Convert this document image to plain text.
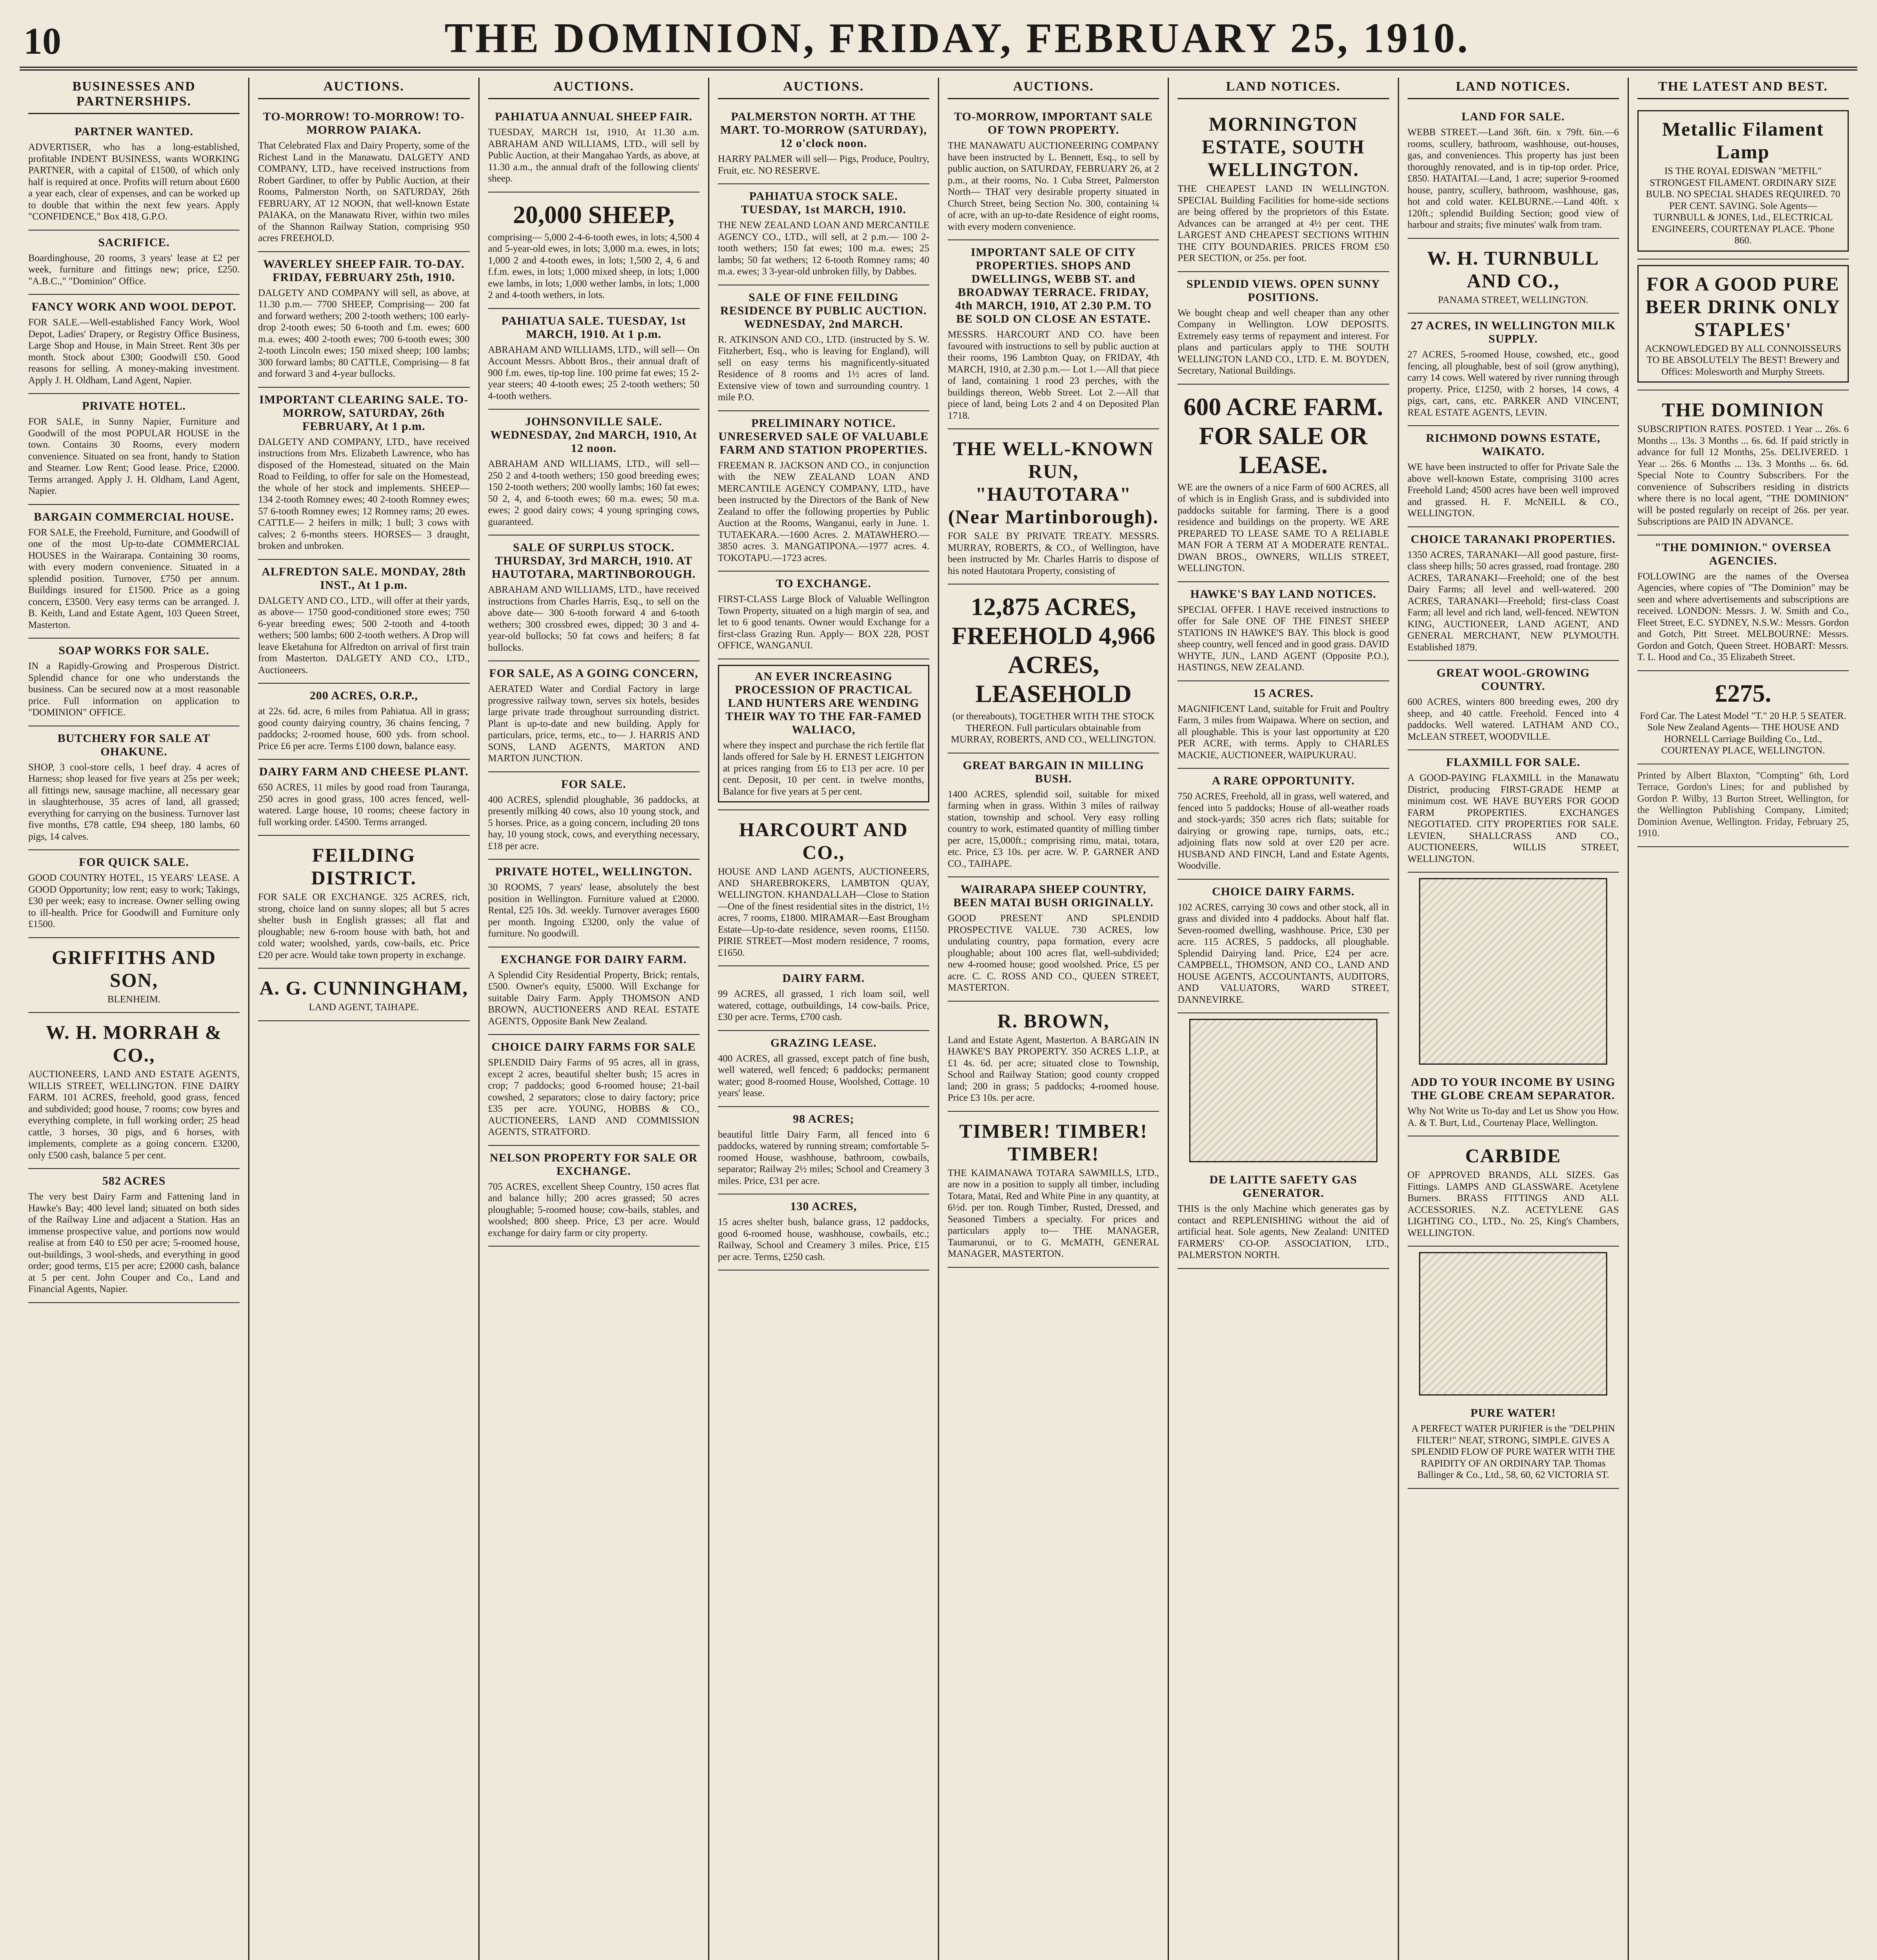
10	THE DOMINION, FRIDAY, FEBRUARY 25, 1910.
BUSINESSES AND PARTNERSHIPS.
PARTNER WANTED.

ADVERTISER, who has a long-established, profitable INDENT BUSINESS, wants WORKING PARTNER, with a capital of £1500, of which only half is required at once. Profits will return about £600 a year each, clear of expenses, and can be worked up to double that within the next few years. Apply "CONFIDENCE," Box 418, G.P.O.

SACRIFICE.

Boardinghouse, 20 rooms, 3 years' lease at £2 per week, furniture and fittings new; price, £250. "A.B.C.," "Dominion" Office.

FANCY WORK AND WOOL DEPOT.

FOR SALE.—Well-established Fancy Work, Wool Depot, Ladies' Drapery, or Registry Office Business, Large Shop and House, in Main Street. Rent 30s per month. Stock about £300; Goodwill £50. Good reasons for selling. A money-making investment. Apply J. H. Oldham, Land Agent, Napier.

PRIVATE HOTEL.

FOR SALE, in Sunny Napier, Furniture and Goodwill of the most POPULAR HOUSE in the town. Contains 30 Rooms, every modern convenience. Situated on sea front, handy to Station and Steamer. Low Rent; Good lease. Price, £2000. Terms arranged. Apply J. H. Oldham, Land Agent, Napier.

BARGAIN COMMERCIAL HOUSE.

FOR SALE, the Freehold, Furniture, and Goodwill of one of the most Up-to-date COMMERCIAL HOUSES in the Wairarapa. Containing 30 rooms, with every modern convenience. Situated in a splendid position. Turnover, £750 per annum. Buildings insured for £1500. Price as a going concern, £3500. Very easy terms can be arranged. J. B. Keith, Land and Estate Agent, 103 Queen Street, Masterton.

SOAP WORKS FOR SALE.

IN a Rapidly-Growing and Prosperous District. Splendid chance for one who understands the business. Can be secured now at a most reasonable price. Full information on application to "DOMINION" OFFICE.

BUTCHERY FOR SALE AT OHAKUNE.

SHOP, 3 cool-store cells, 1 beef dray. 4 acres of Harness; shop leased for five years at 25s per week; all fittings new, sausage machine, all necessary gear in slaughterhouse, 35 acres of land, all grassed; everything for carrying on the business. Turnover last five months, £78 cattle, £94 sheep, 180 lambs, 60 pigs, 14 calves.

FOR QUICK SALE.

GOOD COUNTRY HOTEL, 15 YEARS' LEASE. A GOOD Opportunity; low rent; easy to work; Takings, £30 per week; easy to increase. Owner selling owing to ill-health. Price for Goodwill and Furniture only £1500.

GRIFFITHS AND SON,

BLENHEIM.

W. H. MORRAH & CO.,

AUCTIONEERS, LAND AND ESTATE AGENTS, WILLIS STREET, WELLINGTON. FINE DAIRY FARM. 101 ACRES, freehold, good grass, fenced and subdivided; good house, 7 rooms; cow byres and everything complete, in full working order; 25 head cattle, 3 horses, 30 pigs, and 6 horses, with implements, complete as a going concern. £3200, only £500 cash, balance 5 per cent.

582 ACRES

The very best Dairy Farm and Fattening land in Hawke's Bay; 400 level land; situated on both sides of the Railway Line and adjacent a Station. Has an immense prospective value, and portions now would realise at from £40 to £50 per acre; 5-roomed house, out-buildings, 3 wool-sheds, and everything in good order; good terms, £15 per acre; £2000 cash, balance at 5 per cent. John Couper and Co., Land and Financial Agents, Napier.

AUCTIONS.
TO-MORROW! TO-MORROW! TO-MORROW PAIAKA.

That Celebrated Flax and Dairy Property, some of the Richest Land in the Manawatu. DALGETY AND COMPANY, LTD., have received instructions from Robert Gardiner, to offer by Public Auction, at their Rooms, Palmerston North, on SATURDAY, 26th FEBRUARY, AT 12 NOON, that well-known Estate PAIAKA, on the Manawatu River, within two miles of the Shannon Railway Station, comprising 950 acres FREEHOLD.

WAVERLEY SHEEP FAIR. TO-DAY. FRIDAY, FEBRUARY 25th, 1910.

DALGETY AND COMPANY will sell, as above, at 11.30 p.m.— 7700 SHEEP, Comprising— 200 fat and forward wethers; 200 2-tooth wethers; 100 early-drop 2-tooth ewes; 50 6-tooth and f.m. ewes; 600 m.a. ewes; 400 2-tooth ewes; 700 6-tooth ewes; 300 2-tooth Lincoln ewes; 150 mixed sheep; 100 lambs; 300 forward lambs; 80 CATTLE, Comprising— 8 fat and forward 3 and 4-year bullocks.

IMPORTANT CLEARING SALE. TO-MORROW, SATURDAY, 26th FEBRUARY, At 1 p.m.

DALGETY AND COMPANY, LTD., have received instructions from Mrs. Elizabeth Lawrence, who has disposed of the Homestead, situated on the Main Road to Feilding, to offer for sale on the Homestead, the whole of her stock and implements. SHEEP— 134 2-tooth Romney ewes; 40 2-tooth Romney ewes; 57 6-tooth Romney ewes; 12 Romney rams; 20 ewes. CATTLE— 2 heifers in milk; 1 bull; 3 cows with calves; 2 6-months steers. HORSES— 3 draught, broken and unbroken.

ALFREDTON SALE. MONDAY, 28th INST., At 1 p.m.

DALGETY AND CO., LTD., will offer at their yards, as above— 1750 good-conditioned store ewes; 750 6-year breeding ewes; 500 2-tooth and 4-tooth wethers; 500 lambs; 600 2-tooth wethers. A Drop will leave Eketahuna for Alfredton on arrival of first train from Masterton. DALGETY AND CO., LTD., Auctioneers.

200 ACRES, O.R.P.,

at 22s. 6d. acre, 6 miles from Pahiatua. All in grass; good county dairying country, 36 chains fencing, 7 paddocks; 2-roomed house, 600 yds. from school. Price £6 per acre. Terms £100 down, balance easy.

DAIRY FARM AND CHEESE PLANT.

650 ACRES, 11 miles by good road from Tauranga, 250 acres in good grass, 100 acres fenced, well-watered. Large house, 10 rooms; cheese factory in full working order. £4500. Terms arranged.

FEILDING DISTRICT.

FOR SALE OR EXCHANGE. 325 ACRES, rich, strong, choice land on sunny slopes; all but 5 acres shelter bush in English grasses; all flat and ploughable; new 6-room house with bath, hot and cold water; woolshed, yards, cow-bails, etc. Price £20 per acre. Would take town property in exchange.

A. G. CUNNINGHAM,

LAND AGENT, TAIHAPE.

AUCTIONS.
PAHIATUA ANNUAL SHEEP FAIR.

TUESDAY, MARCH 1st, 1910, At 11.30 a.m. ABRAHAM AND WILLIAMS, LTD., will sell by Public Auction, at their Mangahao Yards, as above, at 11.30 a.m., the annual draft of the following clients' sheep.

20,000 SHEEP,

comprising— 5,000 2-4-6-tooth ewes, in lots; 4,500 4 and 5-year-old ewes, in lots; 3,000 m.a. ewes, in lots; 1,000 2 and 4-tooth ewes, in lots; 1,500 2, 4, 6 and f.f.m. ewes, in lots; 1,000 mixed sheep, in lots; 1,000 ewe lambs, in lots; 1,000 wether lambs, in lots; 1,000 2 and 4-tooth wethers, in lots.

PAHIATUA SALE. TUESDAY, 1st MARCH, 1910. At 1 p.m.

ABRAHAM AND WILLIAMS, LTD., will sell— On Account Messrs. Abbott Bros., their annual draft of 900 f.m. ewes, tip-top line. 100 prime fat ewes; 15 2-year steers; 40 4-tooth ewes; 25 2-tooth wethers; 50 4-tooth wethers.

JOHNSONVILLE SALE. WEDNESDAY, 2nd MARCH, 1910, At 12 noon.

ABRAHAM AND WILLIAMS, LTD., will sell— 250 2 and 4-tooth wethers; 150 good breeding ewes; 150 2-tooth wethers; 200 woolly lambs; 160 fat ewes; 50 2, 4, and 6-tooth ewes; 60 m.a. ewes; 50 m.a. ewes; 2 good dairy cows; 4 young springing cows, guaranteed.

SALE OF SURPLUS STOCK. THURSDAY, 3rd MARCH, 1910. AT HAUTOTARA, MARTINBOROUGH.

ABRAHAM AND WILLIAMS, LTD., have received instructions from Charles Harris, Esq., to sell on the above date— 300 6-tooth forward 4 and 6-tooth wethers; 300 crossbred ewes, dipped; 30 3 and 4-year-old bullocks; 50 fat cows and heifers; 8 fat bullocks.

FOR SALE, AS A GOING CONCERN,

AERATED Water and Cordial Factory in large progressive railway town, serves six hotels, besides large private trade throughout surrounding district. Plant is up-to-date and new building. Apply for particulars, price, terms, etc., to— J. HARRIS AND SONS, LAND AGENTS, MARTON AND MARTON JUNCTION.

FOR SALE.

400 ACRES, splendid ploughable, 36 paddocks, at presently milking 40 cows, also 10 young stock, and 5 horses. Price, as a going concern, including 20 tons hay, 10 young stock, cows, and everything necessary, £18 per acre.

PRIVATE HOTEL, WELLINGTON.

30 ROOMS, 7 years' lease, absolutely the best position in Wellington. Furniture valued at £2000. Rental, £25 10s. 3d. weekly. Turnover averages £600 per month. Ingoing £3200, only the value of furniture. No goodwill.

EXCHANGE FOR DAIRY FARM.

A Splendid City Residential Property, Brick; rentals, £500. Owner's equity, £5000. Will Exchange for suitable Dairy Farm. Apply THOMSON AND BROWN, AUCTIONEERS AND REAL ESTATE AGENTS, Opposite Bank New Zealand.

CHOICE DAIRY FARMS FOR SALE

SPLENDID Dairy Farms of 95 acres, all in grass, except 2 acres, beautiful shelter bush; 15 acres in crop; 7 paddocks; good 6-roomed house; 21-bail cowshed, 2 separators; close to dairy factory; price £35 per acre. YOUNG, HOBBS & CO., AUCTIONEERS, LAND AND COMMISSION AGENTS, STRATFORD.

NELSON PROPERTY FOR SALE OR EXCHANGE.

705 ACRES, excellent Sheep Country, 150 acres flat and balance hilly; 200 acres grassed; 50 acres ploughable; 5-roomed house; cow-bails, stables, and woolshed; 800 sheep. Price, £3 per acre. Would exchange for dairy farm or city property.

AUCTIONS.
PALMERSTON NORTH. AT THE MART. TO-MORROW (SATURDAY), 12 o'clock noon.

HARRY PALMER will sell— Pigs, Produce, Poultry, Fruit, etc. NO RESERVE.

PAHIATUA STOCK SALE. TUESDAY, 1st MARCH, 1910.

THE NEW ZEALAND LOAN AND MERCANTILE AGENCY CO., LTD., will sell, at 2 p.m.— 100 2-tooth wethers; 150 fat ewes; 100 m.a. ewes; 25 lambs; 50 fat wethers; 12 6-tooth Romney rams; 40 m.a. ewes; 3 3-year-old unbroken filly, by Dabbes.

SALE OF FINE FEILDING RESIDENCE BY PUBLIC AUCTION. WEDNESDAY, 2nd MARCH.

R. ATKINSON AND CO., LTD. (instructed by S. W. Fitzherbert, Esq., who is leaving for England), will sell on easy terms his magnificently-situated Residence of 8 rooms and 1½ acres of land. Extensive view of town and surrounding country. 1 mile P.O.

PRELIMINARY NOTICE. UNRESERVED SALE OF VALUABLE FARM AND STATION PROPERTIES.

FREEMAN R. JACKSON AND CO., in conjunction with the NEW ZEALAND LOAN AND MERCANTILE AGENCY COMPANY, LTD., have been instructed by the Directors of the Bank of New Zealand to offer the following properties by Public Auction at the Rooms, Wanganui, early in June. 1. TUTAEKARA.—1600 Acres. 2. MATAWHERO.—3850 acres. 3. MANGATIPONA.—1977 acres. 4. TOKOTAPU.—1723 acres.

TO EXCHANGE.

FIRST-CLASS Large Block of Valuable Wellington Town Property, situated on a high margin of sea, and let to 6 good tenants. Owner would Exchange for a first-class Grazing Run. Apply— BOX 228, POST OFFICE, WANGANUI.

AN EVER INCREASING PROCESSION OF PRACTICAL LAND HUNTERS ARE WENDING THEIR WAY TO THE FAR-FAMED WALIACO,

where they inspect and purchase the rich fertile flat lands offered for Sale by H. ERNEST LEIGHTON at prices ranging from £6 to £13 per acre. 10 per cent. Deposit, 10 per cent. in twelve months, Balance for five years at 5 per cent.

HARCOURT AND CO.,

HOUSE AND LAND AGENTS, AUCTIONEERS, AND SHAREBROKERS, LAMBTON QUAY, WELLINGTON. KHANDALLAH—Close to Station—One of the finest residential sites in the district, 1½ acres, 7 rooms, £1800. MIRAMAR—East Brougham Estate—Up-to-date residence, seven rooms, £1150. PIRIE STREET—Most modern residence, 7 rooms, £1650.

DAIRY FARM.

99 ACRES, all grassed, 1 rich loam soil, well watered, cottage, outbuildings, 14 cow-bails. Price, £30 per acre. Terms, £700 cash.

GRAZING LEASE.

400 ACRES, all grassed, except patch of fine bush, well watered, well fenced; 6 paddocks; permanent water; good 8-roomed House, Woolshed, Cottage. 10 years' lease.

98 ACRES;

beautiful little Dairy Farm, all fenced into 6 paddocks, watered by running stream; comfortable 5-roomed House, washhouse, bathroom, cowbails, separator; Railway 2½ miles; School and Creamery 3 miles. Price, £31 per acre.

130 ACRES,

15 acres shelter bush, balance grass, 12 paddocks, good 6-roomed house, washhouse, cowbails, etc.; Railway, School and Creamery 3 miles. Price, £15 per acre. Terms, £250 cash.

AUCTIONS.
TO-MORROW, IMPORTANT SALE OF TOWN PROPERTY.

THE MANAWATU AUCTIONEERING COMPANY have been instructed by L. Bennett, Esq., to sell by public auction, on SATURDAY, FEBRUARY 26, at 2 p.m., at their rooms, No. 1 Cuba Street, Palmerston North— THAT very desirable property situated in Church Street, being Section No. 300, containing ¼ of acre, with an up-to-date Residence of eight rooms, with every modern convenience.

IMPORTANT SALE OF CITY PROPERTIES. SHOPS AND DWELLINGS, WEBB ST. and BROADWAY TERRACE. FRIDAY, 4th MARCH, 1910, AT 2.30 P.M. TO BE SOLD ON CLOSE AN ESTATE.

MESSRS. HARCOURT AND CO. have been favoured with instructions to sell by public auction at their rooms, 196 Lambton Quay, on FRIDAY, 4th MARCH, 1910, at 2.30 p.m.— Lot 1.—All that piece of land, containing 1 rood 23 perches, with the buildings thereon, Webb Street. Lot 2.—All that piece of land, being Lots 2 and 4 on Deposited Plan 1718.

THE WELL-KNOWN RUN, "HAUTOTARA" (Near Martinborough).

FOR SALE BY PRIVATE TREATY. MESSRS. MURRAY, ROBERTS, & CO., of Wellington, have been instructed by Mr. Charles Harris to dispose of his noted Hautotara Property, consisting of

12,875 ACRES, FREEHOLD 4,966 ACRES, LEASEHOLD

(or thereabouts), TOGETHER WITH THE STOCK THEREON. Full particulars obtainable from MURRAY, ROBERTS, AND CO., WELLINGTON.

GREAT BARGAIN IN MILLING BUSH.

1400 ACRES, splendid soil, suitable for mixed farming when in grass. Within 3 miles of railway station, township and school. Very easy rolling country to work, estimated quantity of milling timber per acre, 15,000ft.; comprising rimu, matai, totara, etc. Price, £3 10s. per acre. W. P. GARNER AND CO., TAIHAPE.

WAIRARAPA SHEEP COUNTRY, BEEN MATAI BUSH ORIGINALLY.

GOOD PRESENT AND SPLENDID PROSPECTIVE VALUE. 730 ACRES, low undulating country, papa formation, every acre ploughable; about 100 acres flat, well-subdivided; new 4-roomed house; good woolshed. Price, £5 per acre. C. C. ROSS AND CO., QUEEN STREET, MASTERTON.

R. BROWN,

Land and Estate Agent, Masterton. A BARGAIN IN HAWKE'S BAY PROPERTY. 350 ACRES L.I.P., at £1 4s. 6d. per acre; situated close to Township, School and Railway Station; good county cropped land; 200 in grass; 5 paddocks; 4-roomed house. Price £3 10s. per acre.

TIMBER! TIMBER! TIMBER!

THE KAIMANAWA TOTARA SAWMILLS, LTD., are now in a position to supply all timber, including Totara, Matai, Red and White Pine in any quantity, at 6½d. per ton. Rough Timber, Rusted, Dressed, and Seasoned Timbers a specialty. For prices and particulars apply to— THE MANAGER, Taumarunui, or to G. McMATH, GENERAL MANAGER, MASTERTON.

LAND NOTICES.
MORNINGTON ESTATE, SOUTH WELLINGTON.

THE CHEAPEST LAND IN WELLINGTON. SPECIAL Building Facilities for home-side sections are being offered by the proprietors of this Estate. Advances can be arranged at 4½ per cent. THE LARGEST AND CHEAPEST SECTIONS WITHIN THE CITY BOUNDARIES. PRICES FROM £50 PER SECTION, or 25s. per foot.

SPLENDID VIEWS. OPEN SUNNY POSITIONS.

We bought cheap and well cheaper than any other Company in Wellington. LOW DEPOSITS. Extremely easy terms of repayment and interest. For plans and particulars apply to THE SOUTH WELLINGTON LAND CO., LTD. E. M. BOYDEN, Secretary, National Buildings.

600 ACRE FARM. FOR SALE OR LEASE.

WE are the owners of a nice Farm of 600 ACRES, all of which is in English Grass, and is subdivided into paddocks suitable for farming. There is a good residence and buildings on the property. WE ARE PREPARED TO LEASE SAME TO A RELIABLE MAN FOR A TERM AT A MODERATE RENTAL. DWAN BROS., OWNERS, WILLIS STREET, WELLINGTON.

HAWKE'S BAY LAND NOTICES.

SPECIAL OFFER. I HAVE received instructions to offer for Sale ONE OF THE FINEST SHEEP STATIONS IN HAWKE'S BAY. This block is good sheep country, well fenced and in good grass. DAVID WHYTE, JUN., LAND AGENT (Opposite P.O.), HASTINGS, NEW ZEALAND.

15 ACRES.

MAGNIFICENT Land, suitable for Fruit and Poultry Farm, 3 miles from Waipawa. Where on section, and all ploughable. This is your last opportunity at £20 PER ACRE, with terms. Apply to CHARLES MACKIE, AUCTIONEER, WAIPUKURAU.

A RARE OPPORTUNITY.

750 ACRES, Freehold, all in grass, well watered, and fenced into 5 paddocks; House of all-weather roads and stock-yards; 350 acres rich flats; suitable for dairying or growing rape, turnips, oats, etc.; adjoining flats now sold at over £20 per acre. HUSBAND AND FINCH, Land and Estate Agents, Woodville.

CHOICE DAIRY FARMS.

102 ACRES, carrying 30 cows and other stock, all in grass and divided into 4 paddocks. About half flat. Seven-roomed dwelling, washhouse. Price, £30 per acre. 115 ACRES, 5 paddocks, all ploughable. Splendid Dairying land. Price, £24 per acre. CAMPBELL, THOMSON, AND CO., LAND AND HOUSE AGENTS, ACCOUNTANTS, AUDITORS, AND VALUATORS, WARD STREET, DANNEVIRKE.

DE LAITTE SAFETY GAS GENERATOR.

THIS is the only Machine which generates gas by contact and REPLENISHING without the aid of artificial heat. Sole agents, New Zealand: UNITED FARMERS' CO-OP. ASSOCIATION, LTD., PALMERSTON NORTH.

LAND NOTICES.
LAND FOR SALE.

WEBB STREET.—Land 36ft. 6in. x 79ft. 6in.—6 rooms, scullery, bathroom, washhouse, out-houses, gas, and conveniences. This property has just been thoroughly renovated, and is in tip-top order. Price, £850. HATAITAI.—Land, 1 acre; superior 9-roomed house, pantry, scullery, bathroom, washhouse, gas, hot and cold water. KELBURNE.—Land 40ft. x 120ft.; splendid Building Section; good view of harbour and straits; five minutes' walk from tram.

W. H. TURNBULL AND CO.,

PANAMA STREET, WELLINGTON.

27 ACRES, IN WELLINGTON MILK SUPPLY.

27 ACRES, 5-roomed House, cowshed, etc., good fencing, all ploughable, best of soil (grow anything), carry 14 cows. Well watered by river running through property. Price, £1250, with 2 horses, 14 cows, 4 pigs, cart, cans, etc. PARKER AND VINCENT, REAL ESTATE AGENTS, LEVIN.

RICHMOND DOWNS ESTATE, WAIKATO.

WE have been instructed to offer for Private Sale the above well-known Estate, comprising 3100 acres Freehold Land; 4500 acres have been well improved and grassed. H. F. McNEILL & CO., WELLINGTON.

CHOICE TARANAKI PROPERTIES.

1350 ACRES, TARANAKI—All good pasture, first-class sheep hills; 50 acres grassed, road frontage. 280 ACRES, TARANAKI—Freehold; one of the best Dairy Farms; all level and well-watered. 200 ACRES, TARANAKI—Freehold; first-class Coast Farm; all level and rich land, well-fenced. NEWTON KING, AUCTIONEER, LAND AGENT, AND GENERAL MERCHANT, NEW PLYMOUTH. Established 1879.

GREAT WOOL-GROWING COUNTRY.

600 ACRES, winters 800 breeding ewes, 200 dry sheep, and 40 cattle. Freehold. Fenced into 4 paddocks. Well watered. LATHAM AND CO., McLEAN STREET, WOODVILLE.

FLAXMILL FOR SALE.

A GOOD-PAYING FLAXMILL in the Manawatu District, producing FIRST-GRADE HEMP at minimum cost. WE HAVE BUYERS FOR GOOD FARM PROPERTIES. EXCHANGES NEGOTIATED. CITY PROPERTIES FOR SALE. LEVIEN, SHALLCRASS AND CO., AUCTIONEERS, WILLIS STREET, WELLINGTON.

ADD TO YOUR INCOME BY USING THE GLOBE CREAM SEPARATOR.

Why Not Write us To-day and Let us Show you How. A. & T. Burt, Ltd., Courtenay Place, Wellington.

CARBIDE

OF APPROVED BRANDS, ALL SIZES. Gas Fittings. LAMPS AND GLASSWARE. Acetylene Burners. BRASS FITTINGS AND ALL ACCESSORIES. N.Z. ACETYLENE GAS LIGHTING CO., LTD., No. 25, King's Chambers, WELLINGTON.

PURE WATER!

A PERFECT WATER PURIFIER is the "DELPHIN FILTER!" NEAT, STRONG, SIMPLE. GIVES A SPLENDID FLOW OF PURE WATER WITH THE RAPIDITY OF AN ORDINARY TAP. Thomas Ballinger & Co., Ltd., 58, 60, 62 VICTORIA ST.

THE LATEST AND BEST.
Metallic Filament Lamp

IS THE ROYAL EDISWAN "METFIL" STRONGEST FILAMENT. ORDINARY SIZE BULB. NO SPECIAL SHADES REQUIRED. 70 PER CENT. SAVING. Sole Agents— TURNBULL & JONES, Ltd., ELECTRICAL ENGINEERS, COURTENAY PLACE. 'Phone 860.

FOR A GOOD PURE BEER DRINK ONLY STAPLES'

ACKNOWLEDGED BY ALL CONNOISSEURS TO BE ABSOLUTELY The BEST! Brewery and Offices: Molesworth and Murphy Streets.

THE DOMINION

SUBSCRIPTION RATES. POSTED. 1 Year ... 26s. 6 Months ... 13s. 3 Months ... 6s. 6d. If paid strictly in advance for full 12 Months, 25s. DELIVERED. 1 Year ... 26s. 6 Months ... 13s. 3 Months ... 6s. 6d. Special Note to Country Subscribers. For the convenience of Subscribers residing in districts where there is no local agent, "THE DOMINION" will be posted regularly on receipt of 26s. per year. Subscriptions are PAID IN ADVANCE.

"THE DOMINION." OVERSEA AGENCIES.

FOLLOWING are the names of the Oversea Agencies, where copies of "The Dominion" may be seen and where advertisements and subscriptions are received. LONDON: Messrs. J. W. Smith and Co., Fleet Street, E.C. SYDNEY, N.S.W.: Messrs. Gordon and Gotch, Pitt Street. MELBOURNE: Messrs. Gordon and Gotch, Queen Street. HOBART: Messrs. T. L. Hood and Co., 35 Elizabeth Street.

£275.

Ford Car. The Latest Model "T." 20 H.P. 5 SEATER. Sole New Zealand Agents— THE HOUSE AND HORNELL Carriage Building Co., Ltd., COURTENAY PLACE, WELLINGTON.

Printed by Albert Blaxton, "Compting" 6th, Lord Terrace, Gordon's Lines; for and published by Gordon P. Wilby, 13 Burton Street, Wellington, for the Wellington Publishing Company, Limited; Dominion Avenue, Wellington. Friday, February 25, 1910.
